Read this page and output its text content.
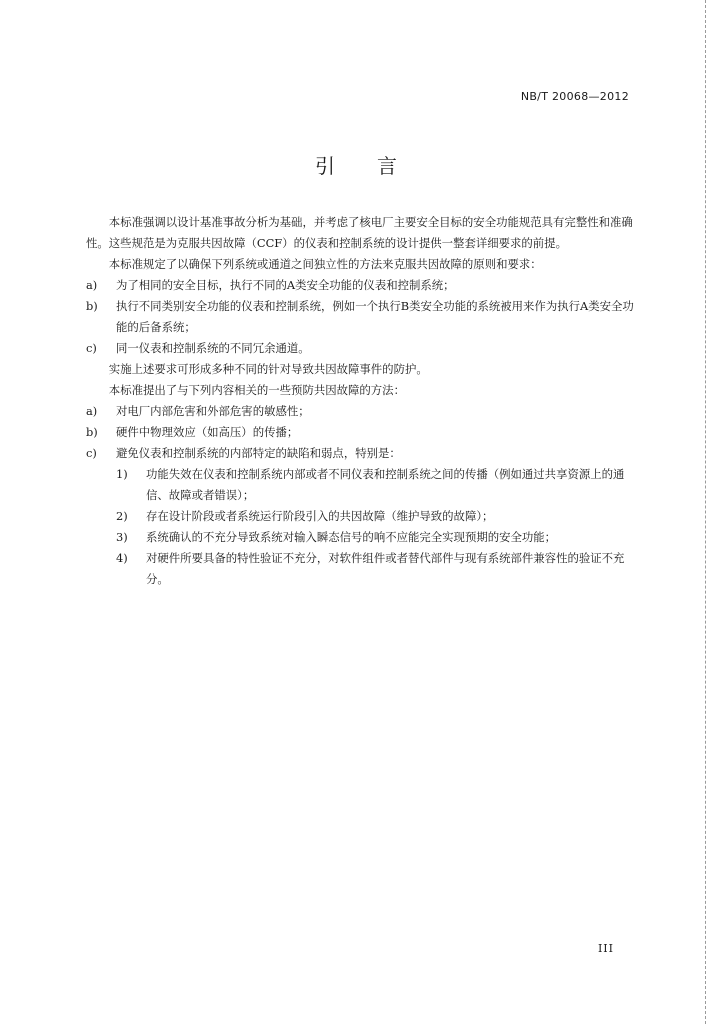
NB/T 20068—2012
引言

本标准强调以设计基准事故分析为基础，并考虑了核电厂主要安全目标的安全功能规范具有完整性和准确性。这些规范是为克服共因故障（CCF）的仪表和控制系统的设计提供一整套详细要求的前提。

本标准规定了以确保下列系统或通道之间独立性的方法来克服共因故障的原则和要求：

a) 为了相同的安全目标，执行不同的A类安全功能的仪表和控制系统；

b) 执行不同类别安全功能的仪表和控制系统，例如一个执行B类安全功能的系统被用来作为执行A类安全功能的后备系统；

c) 同一仪表和控制系统的不同冗余通道。

实施上述要求可形成多种不同的针对导致共因故障事件的防护。

本标准提出了与下列内容相关的一些预防共因故障的方法：

a) 对电厂内部危害和外部危害的敏感性；

b) 硬件中物理效应（如高压）的传播；

c) 避免仪表和控制系统的内部特定的缺陷和弱点，特别是：

1) 功能失效在仪表和控制系统内部或者不同仪表和控制系统之间的传播（例如通过共享资源上的通信、故障或者错误）；

2) 存在设计阶段或者系统运行阶段引入的共因故障（维护导致的故障）；

3) 系统确认的不充分导致系统对输入瞬态信号的响不应能完全实现预期的安全功能；

4) 对硬件所要具备的特性验证不充分，对软件组件或者替代部件与现有系统部件兼容性的验证不充分。

III
